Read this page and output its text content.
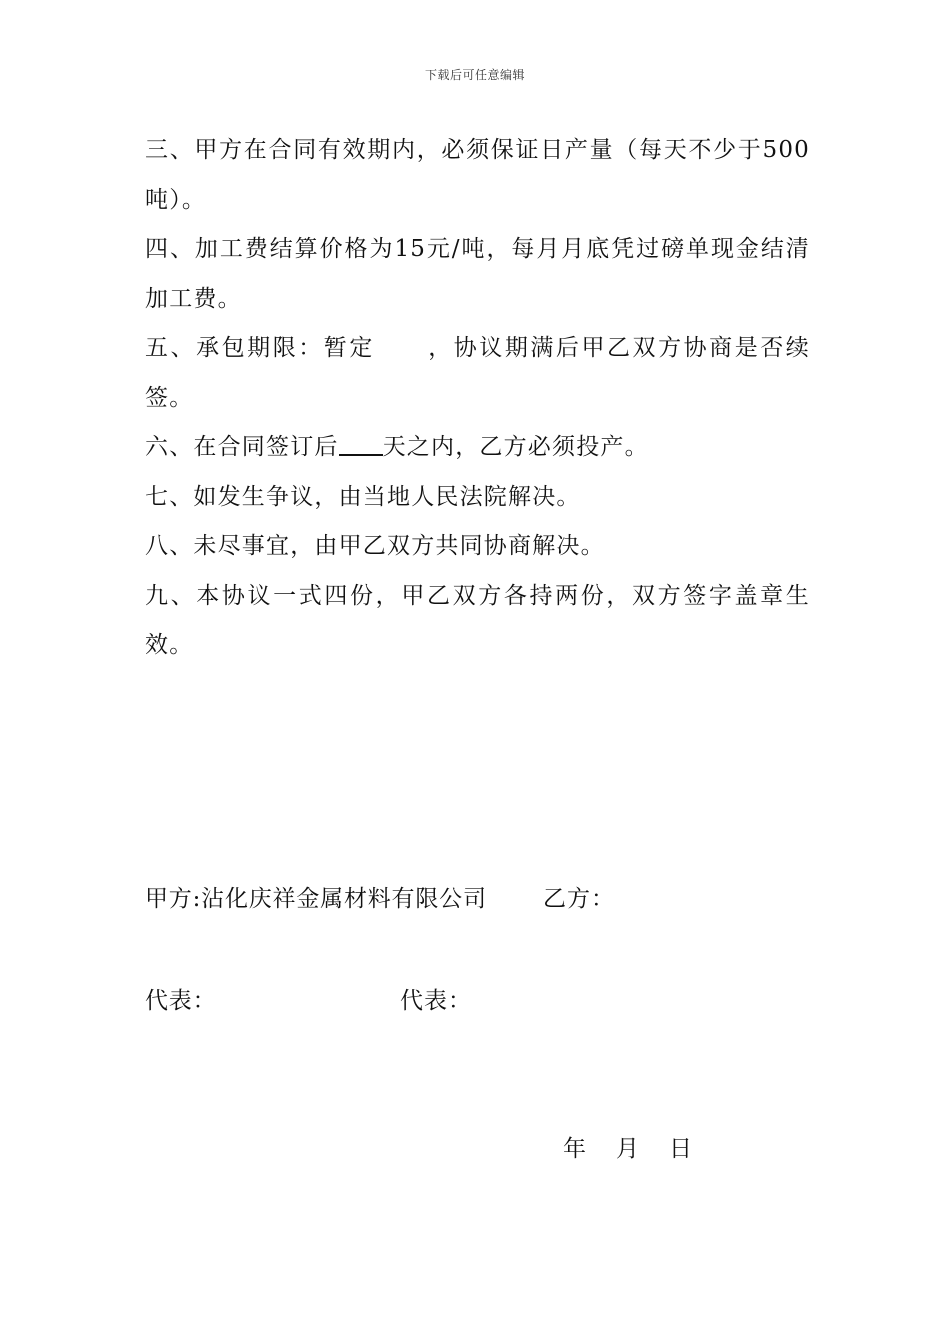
下载后可任意编辑

三、甲方在合同有效期内，必须保证日产量（每天不少于500吨）。

四、加工费结算价格为15元/吨，每月月底凭过磅单现金结清加工费。

五、承包期限：暂定 ，协议期满后甲乙双方协商是否续签。

六、在合同签订后 天之内，乙方必须投产。

七、如发生争议，由当地人民法院解决。

八、未尽事宜，由甲乙双方共同协商解决。

九、本协议一式四份，甲乙双方各持两份，双方签字盖章生效。

甲方:沾化庆祥金属材料有限公司 乙方：
代表：	代表：
年 月 日
